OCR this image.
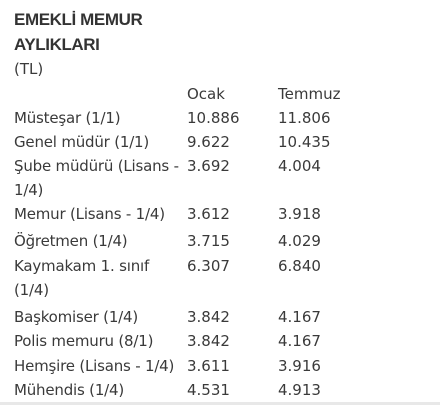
EMEKLİ MEMUR
AYLIKLARI
(TL)
Ocak	Temmuz
Müsteşar (1/1)	10.886	11.806
Genel müdür (1/1)	9.622	10.435
Şube müdürü (Lisans - 1/4)
3.692	4.004
Memur (Lisans - 1/4)	3.612	3.918
Öğretmen (1/4)	3.715	4.029
Kaymakam 1. sınıf (1/4)
6.307	6.840
Başkomiser (1/4)	3.842	4.167
Polis memuru (8/1)	3.842	4.167
Hemşire (Lisans - 1/4) 3.611	3.916
Mühendis (1/4)	4.531	4.913
